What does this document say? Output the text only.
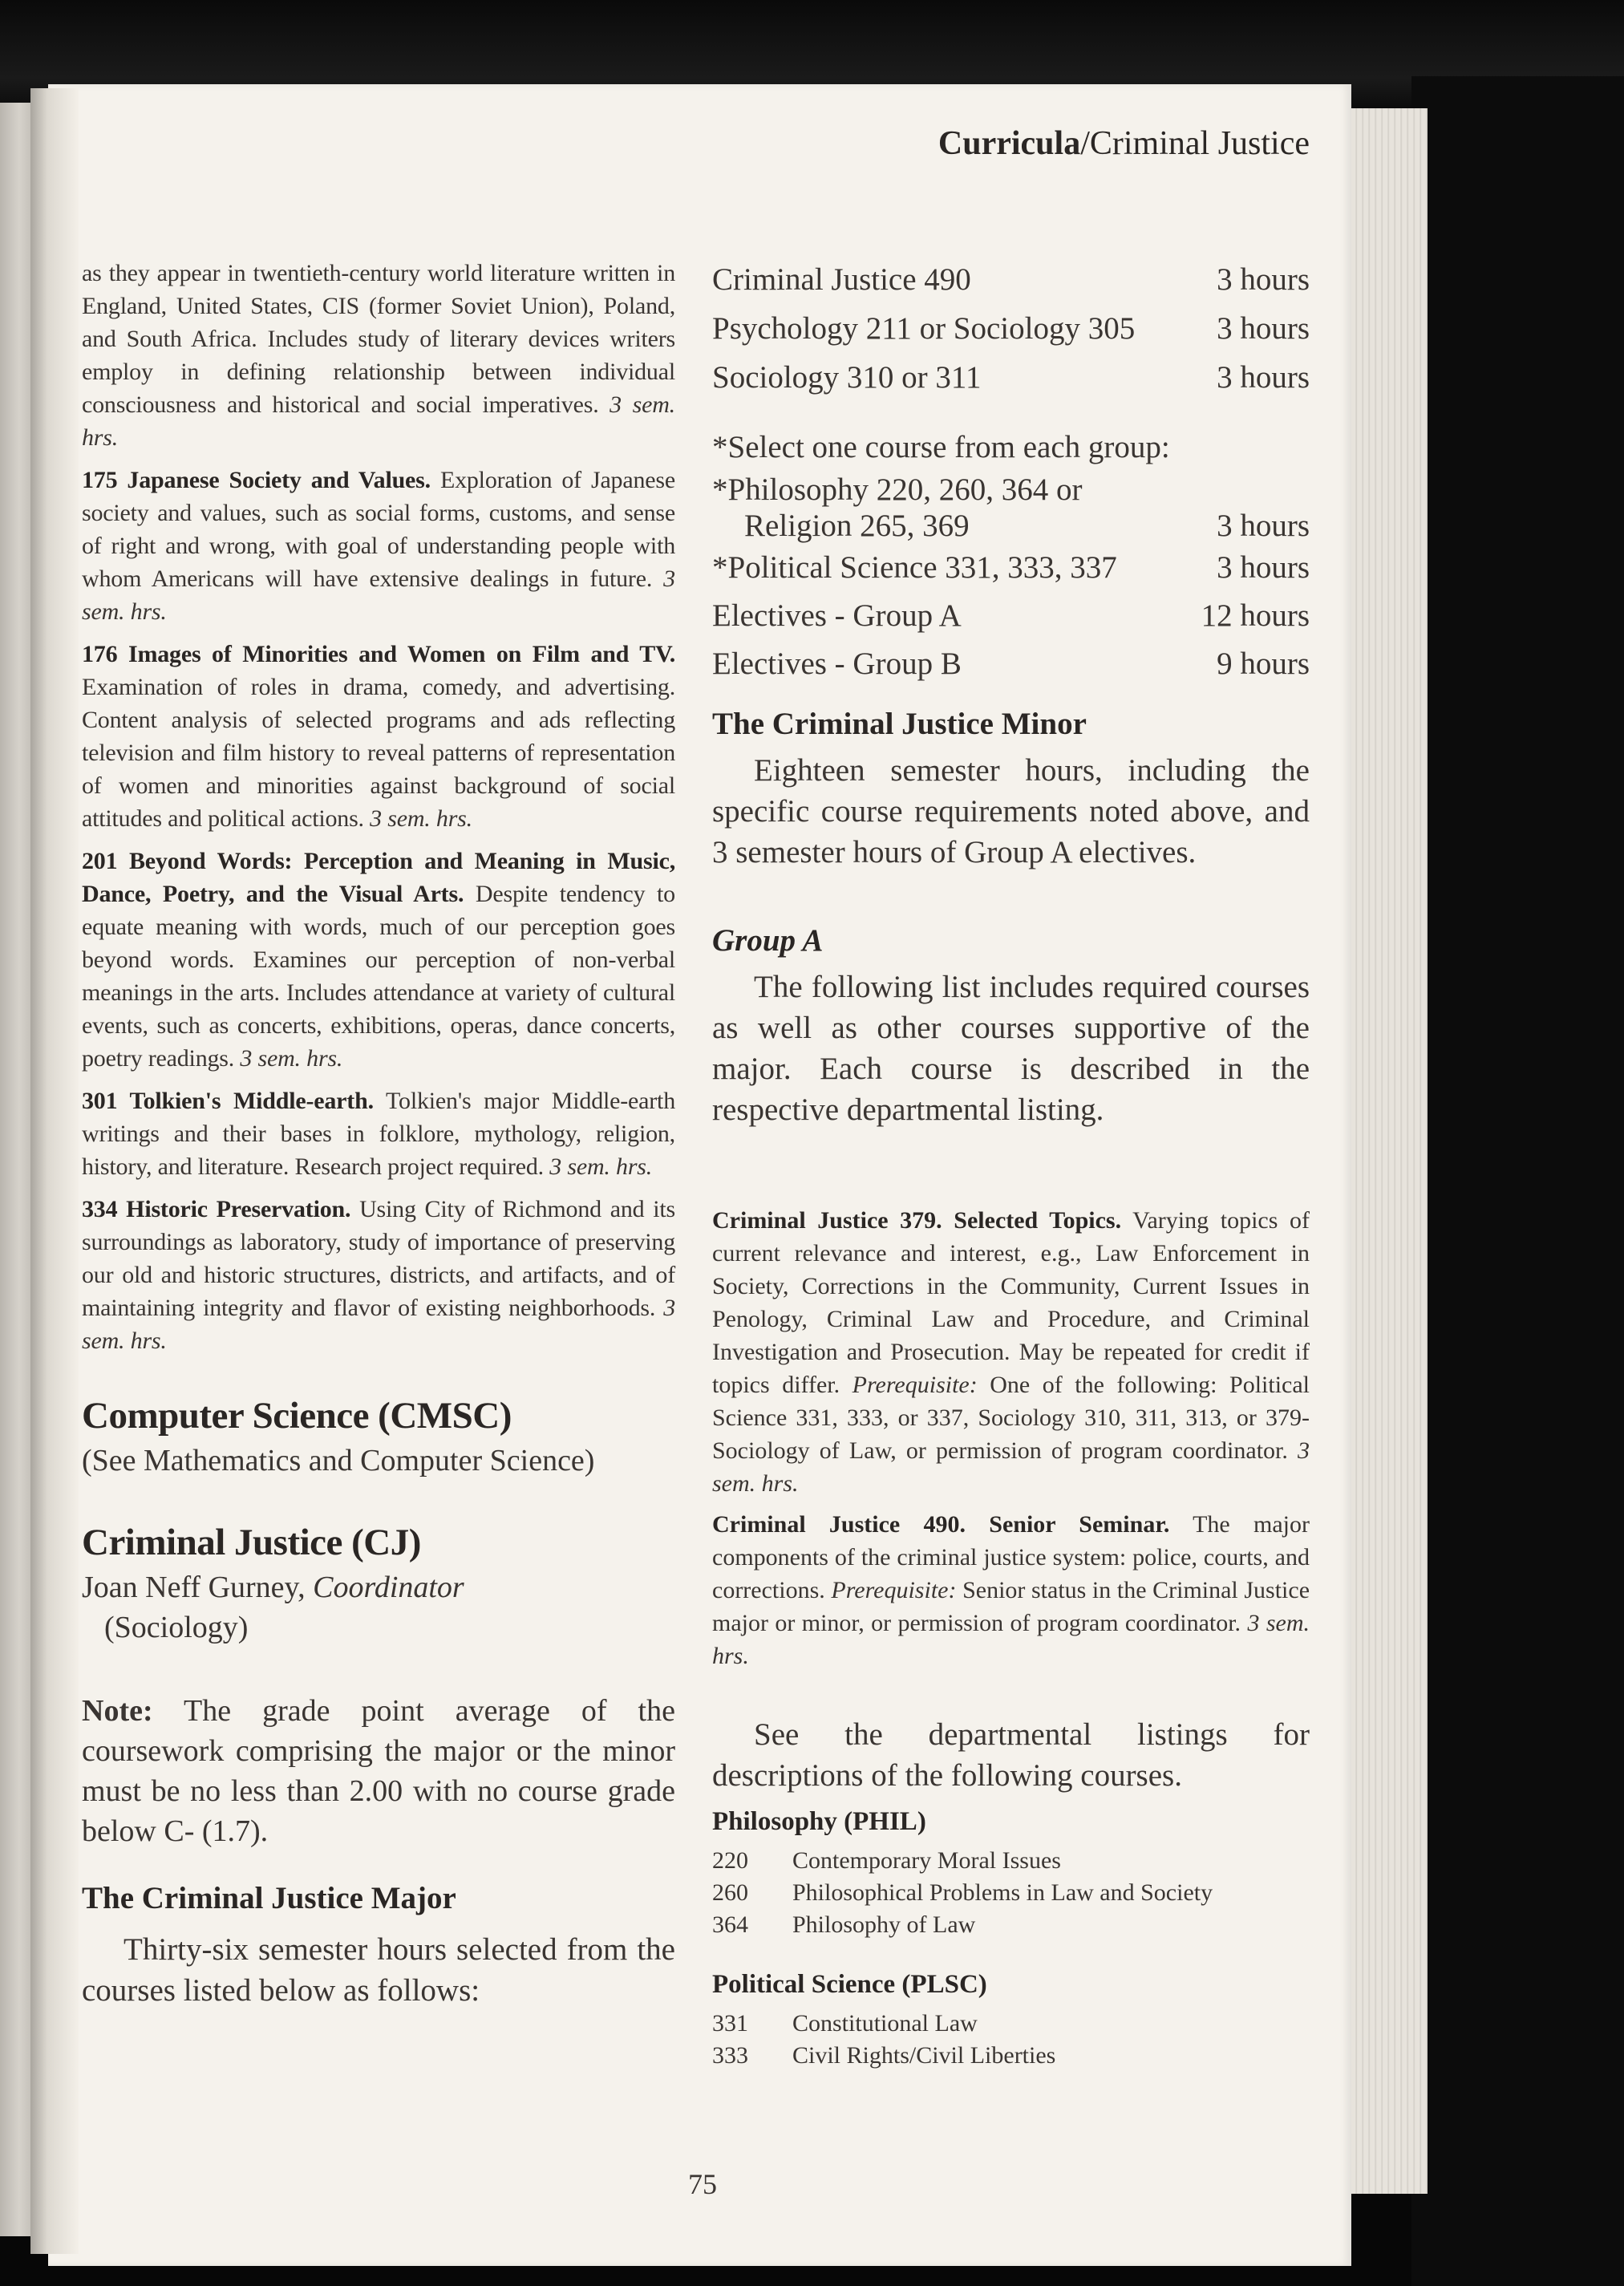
Curricula/Criminal Justice

as they appear in twentieth-century world literature written in England, United States, CIS (former Soviet Union), Poland, and South Africa. Includes study of literary devices writers employ in defining relationship between individual consciousness and historical and social imperatives. 3 sem. hrs.

175 Japanese Society and Values. Exploration of Japanese society and values, such as social forms, customs, and sense of right and wrong, with goal of understanding people with whom Americans will have extensive dealings in future. 3 sem. hrs.

176 Images of Minorities and Women on Film and TV. Examination of roles in drama, comedy, and advertising. Content analysis of selected programs and ads reflecting television and film history to reveal patterns of representation of women and minorities against background of social attitudes and political actions. 3 sem. hrs.

201 Beyond Words: Perception and Meaning in Music, Dance, Poetry, and the Visual Arts. Despite tendency to equate meaning with words, much of our perception goes beyond words. Examines our perception of non-verbal meanings in the arts. Includes attendance at variety of cultural events, such as concerts, exhibitions, operas, dance concerts, poetry readings. 3 sem. hrs.

301 Tolkien's Middle-earth. Tolkien's major Middle-earth writings and their bases in folklore, mythology, religion, history, and literature. Research project required. 3 sem. hrs.

334 Historic Preservation. Using City of Richmond and its surroundings as laboratory, study of importance of preserving our old and historic structures, districts, and artifacts, and of maintaining integrity and flavor of existing neighborhoods. 3 sem. hrs.

Computer Science (CMSC)

(See Mathematics and Computer Science)

Criminal Justice (CJ)

Joan Neff Gurney, Coordinator

(Sociology)

Note: The grade point average of the coursework comprising the major or the minor must be no less than 2.00 with no course grade below C- (1.7).

The Criminal Justice Major

Thirty-six semester hours selected from the courses listed below as follows:

Criminal Justice 490	3 hours
Psychology 211 or Sociology 305	3 hours
Sociology 310 or 311	3 hours

*Select one course from each group:

*Philosophy 220, 260, 364 or	
Religion 265, 369	3 hours
*Political Science 331, 333, 337	3 hours
Electives - Group A	12 hours
Electives - Group B	9 hours
The Criminal Justice Minor

Eighteen semester hours, including the specific course requirements noted above, and 3 semester hours of Group A electives.

Group A

The following list includes required courses as well as other courses supportive of the major. Each course is described in the respective departmental listing.

Criminal Justice 379. Selected Topics. Varying topics of current relevance and interest, e.g., Law Enforcement in Society, Corrections in the Community, Current Issues in Penology, Criminal Law and Procedure, and Criminal Investigation and Prosecution. May be repeated for credit if topics differ. Prerequisite: One of the following: Political Science 331, 333, or 337, Sociology 310, 311, 313, or 379-Sociology of Law, or permission of program coordinator. 3 sem. hrs.

Criminal Justice 490. Senior Seminar. The major components of the criminal justice system: police, courts, and corrections. Prerequisite: Senior status in the Criminal Justice major or minor, or permission of program coordinator. 3 sem. hrs.

See the departmental listings for descriptions of the following courses.

Philosophy (PHIL)
220	Contemporary Moral Issues
260	Philosophical Problems in Law and Society
364	Philosophy of Law
Political Science (PLSC)
331	Constitutional Law
333	Civil Rights/Civil Liberties
75
